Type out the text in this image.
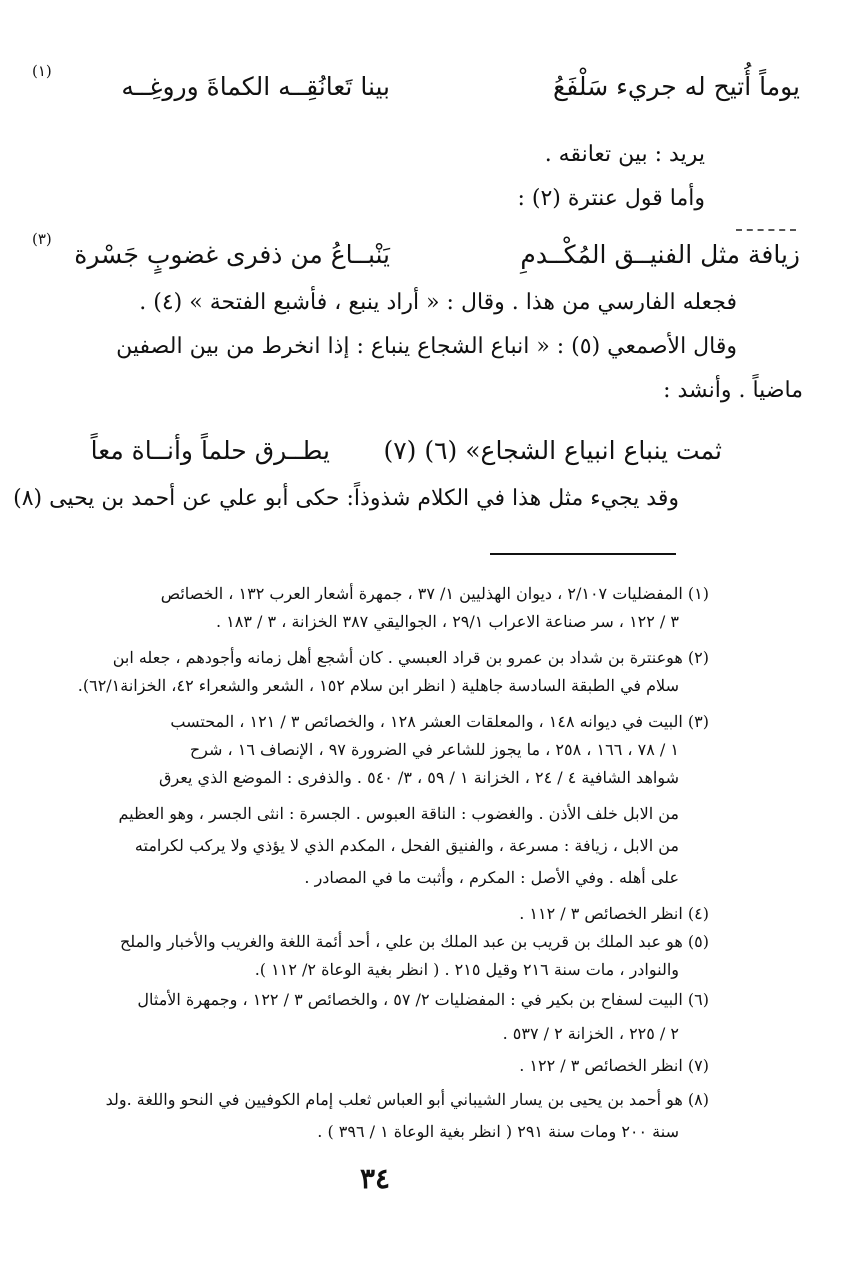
يوماً أُتيح له جريء سَلْفَعُ
بينا تَعانُقِــه الكماةَ وروغِــه
(١)
يريد : بين تعانقه .
وأما قول عنترة (٢) :
زيافة مثل الفنيــق المُكْــدمِ
يَنْبــاعُ من ذفرى غضوبٍ جَسْرة
(٣)
فجعله الفارسي من هذا . وقال : « أراد ينبع ، فأشبع الفتحة » (٤) .
وقال الأصمعي (٥) : « انباع الشجاع ينباع : إذا انخرط من بين الصفين
ماضياً . وأنشد :
ثمت ينباع انبياع الشجاع» (٦) (٧)
يطــرق حلماً وأنــاة معاً
وقد يجيء مثل هذا في الكلام شذوذاً: حكى أبو علي عن أحمد بن يحيى (٨)
(١) المفضليات ٢/١٠٧ ، ديوان الهذليين ١/ ٣٧ ، جمهرة أشعار العرب ١٣٢ ، الخصائص
٣ / ١٢٢ ، سر صناعة الاعراب ٢٩/١ ، الجواليقي ٣٨٧ الخزانة ، ٣ / ١٨٣ .
(٢) هوعنترة بن شداد بن عمرو بن قراد العبسي . كان أشجع أهل زمانه وأجودهم ، جعله ابن
سلام في الطبقة السادسة جاهلية ( انظر ابن سلام ١٥٢ ، الشعر والشعراء ٤٢، الخزانة٦٢/١).
(٣) البيت في ديوانه ١٤٨ ، والمعلقات العشر ١٢٨ ، والخصائص ٣ / ١٢١ ، المحتسب
١ / ٧٨ ، ١٦٦ ، ٢٥٨ ، ما يجوز للشاعر في الضرورة ٩٧ ، الإنصاف ١٦ ، شرح
شواهد الشافية ٤ / ٢٤ ، الخزانة ١ / ٥٩ ، ٣/ ٥٤٠ . والذفرى : الموضع الذي يعرق
من الابل خلف الأذن . والغضوب : الناقة العبوس . الجسرة : انثى الجسر ، وهو العظيم
من الابل ، زيافة : مسرعة ، والفنيق الفحل ، المكدم الذي لا يؤذي ولا يركب لكرامته
على أهله . وفي الأصل : المكرم ، وأثبت ما في المصادر .
(٤) انظر الخصائص ٣ / ١١٢ .
(٥) هو عبد الملك بن قريب بن عبد الملك بن علي ، أحد أئمة اللغة والغريب والأخبار والملح
والنوادر ، مات سنة ٢١٦ وقيل ٢١٥ . ( انظر بغية الوعاة ٢/ ١١٢ ).
(٦) البيت لسفاح بن بكير في : المفضليات ٢/ ٥٧ ، والخصائص ٣ / ١٢٢ ، وجمهرة الأمثال
٢ / ٢٢٥ ، الخزانة ٢ / ٥٣٧ .
(٧) انظر الخصائص ٣ / ١٢٢ .
(٨) هو أحمد بن يحيى بن يسار الشيباني أبو العباس ثعلب إمام الكوفيين في النحو واللغة .ولد
سنة ٢٠٠ ومات سنة ٢٩١ ( انظر بغية الوعاة ١ / ٣٩٦ ) .
٣٤
